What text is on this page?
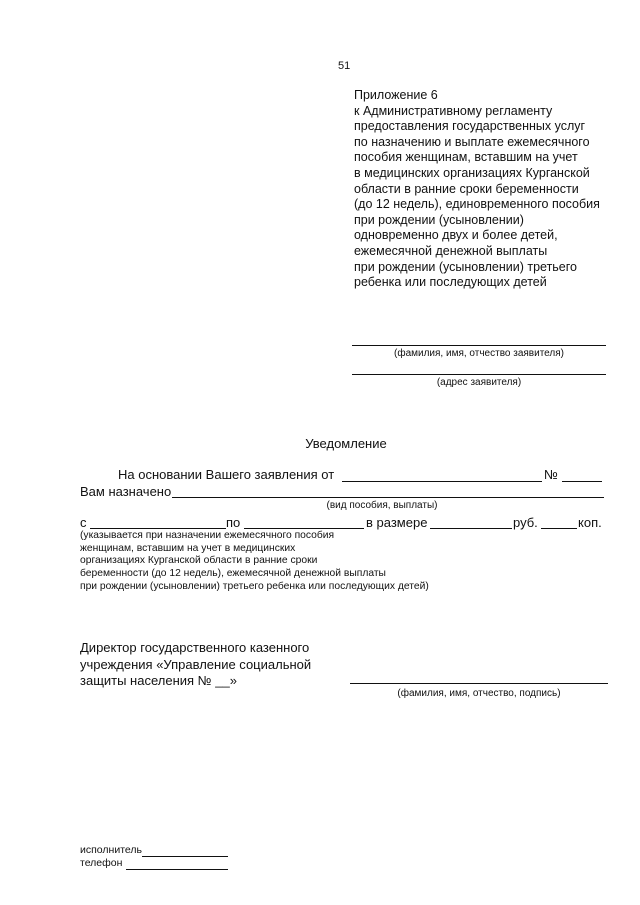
51
Приложение 6
к Административному регламенту
предоставления государственных услуг
по назначению и выплате ежемесячного
пособия женщинам, вставшим на учет
в медицинских организациях Курганской
области в ранние сроки беременности
(до 12 недель), единовременного пособия
при рождении (усыновлении)
одновременно двух и более детей,
ежемесячной денежной выплаты
при рождении (усыновлении) третьего
ребенка или последующих детей
(фамилия, имя, отчество заявителя)
(адрес заявителя)
Уведомление
На основании Вашего заявления от	№
Вам назначено
(вид пособия, выплаты)
с	по	в размере	руб.	коп.
(указывается при назначении ежемесячного пособия
женщинам, вставшим на учет в медицинских
организациях Курганской области в ранние сроки
беременности (до 12 недель), ежемесячной денежной выплаты
при рождении (усыновлении) третьего ребенка или последующих детей)
Директор государственного казенного
учреждения «Управление социальной
защиты населения № __»
(фамилия, имя, отчество, подпись)
исполнитель
телефон
